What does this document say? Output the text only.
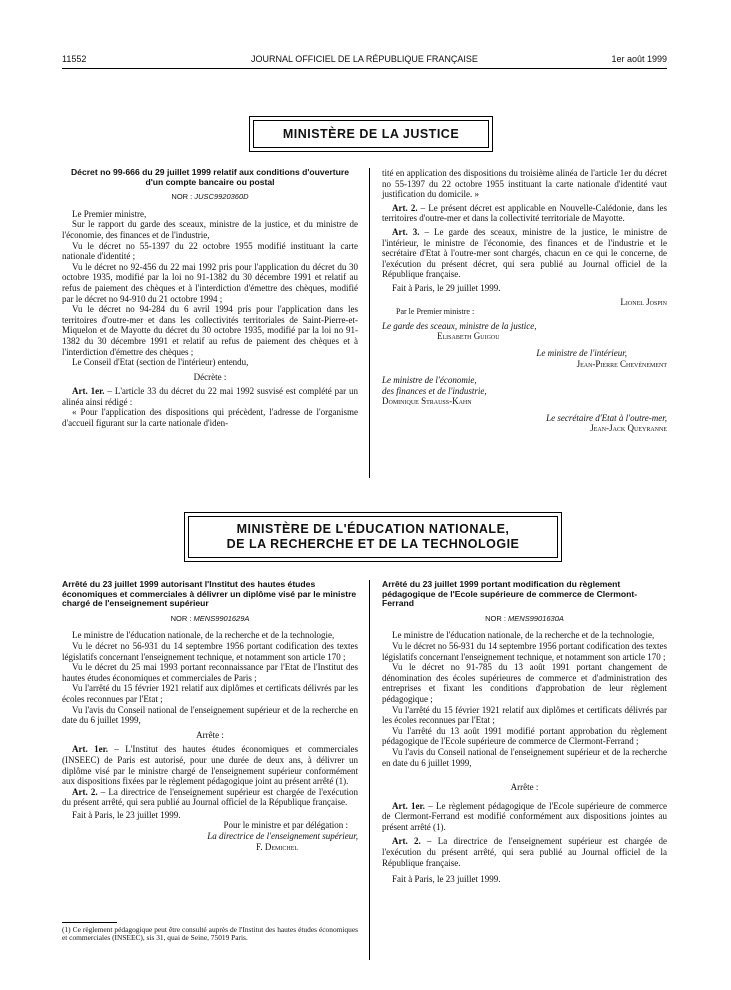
11552	JOURNAL OFFICIEL DE LA RÉPUBLIQUE FRANÇAISE	1er août 1999
MINISTÈRE DE LA JUSTICE
Décret no 99-666 du 29 juillet 1999 relatif aux conditions d'ouverture d'un compte bancaire ou postal
NOR : JUSC9920360D

Le Premier ministre,

Sur le rapport du garde des sceaux, ministre de la justice, et du ministre de l'économie, des finances et de l'industrie,

Vu le décret no 55-1397 du 22 octobre 1955 modifié instituant la carte nationale d'identité ;

Vu le décret no 92-456 du 22 mai 1992 pris pour l'application du décret du 30 octobre 1935, modifié par la loi no 91-1382 du 30 décembre 1991 et relatif au refus de paiement des chèques et à l'interdiction d'émettre des chèques, modifié par le décret no 94-910 du 21 octobre 1994 ;

Vu le décret no 94-284 du 6 avril 1994 pris pour l'application dans les territoires d'outre-mer et dans les collectivités territoriales de Saint-Pierre-et-Miquelon et de Mayotte du décret du 30 octobre 1935, modifié par la loi no 91-1382 du 30 décembre 1991 et relatif au refus de paiement des chèques et à l'interdiction d'émettre des chèques ;

Le Conseil d'Etat (section de l'intérieur) entendu,

Décrète :

Art. 1er. – L'article 33 du décret du 22 mai 1992 susvisé est complété par un alinéa ainsi rédigé :

« Pour l'application des dispositions qui précèdent, l'adresse de l'organisme d'accueil figurant sur la carte nationale d'iden-

tité en application des dispositions du troisième alinéa de l'article 1er du décret no 55-1397 du 22 octobre 1955 instituant la carte nationale d'identité vaut justification du domicile. »

Art. 2. – Le présent décret est applicable en Nouvelle-Calédonie, dans les territoires d'outre-mer et dans la collectivité territoriale de Mayotte.

Art. 3. – Le garde des sceaux, ministre de la justice, le ministre de l'intérieur, le ministre de l'économie, des finances et de l'industrie et le secrétaire d'Etat à l'outre-mer sont chargés, chacun en ce qui le concerne, de l'exécution du présent décret, qui sera publié au Journal officiel de la République française.

Fait à Paris, le 29 juillet 1999.

Lionel Jospin

Par le Premier ministre :

Le garde des sceaux, ministre de la justice,

Elisabeth Guigou

Le ministre de l'intérieur,

Jean-Pierre Chevènement

Le ministre de l'économie,

des finances et de l'industrie,

Dominique Strauss-Kahn

Le secrétaire d'Etat à l'outre-mer,

Jean-Jack Queyranne

MINISTÈRE DE L'ÉDUCATION NATIONALE,
DE LA RECHERCHE ET DE LA TECHNOLOGIE
Arrêté du 23 juillet 1999 autorisant l'Institut des hautes études économiques et commerciales à délivrer un diplôme visé par le ministre chargé de l'enseignement supérieur
NOR : MENS9901629A

Le ministre de l'éducation nationale, de la recherche et de la technologie,

Vu le décret no 56-931 du 14 septembre 1956 portant codification des textes législatifs concernant l'enseignement technique, et notamment son article 170 ;

Vu le décret du 25 mai 1993 portant reconnaissance par l'Etat de l'Institut des hautes études économiques et commerciales de Paris ;

Vu l'arrêté du 15 février 1921 relatif aux diplômes et certificats délivrés par les écoles reconnues par l'Etat ;

Vu l'avis du Conseil national de l'enseignement supérieur et de la recherche en date du 6 juillet 1999,

Arrête :

Art. 1er. – L'Institut des hautes études économiques et commerciales (INSEEC) de Paris est autorisé, pour une durée de deux ans, à délivrer un diplôme visé par le ministre chargé de l'enseignement supérieur conformément aux dispositions fixées par le règlement pédagogique joint au présent arrêté (1).

Art. 2. – La directrice de l'enseignement supérieur est chargée de l'exécution du présent arrêté, qui sera publié au Journal officiel de la République française.

Fait à Paris, le 23 juillet 1999.

Pour le ministre et par délégation :

La directrice de l'enseignement supérieur,

F. Demichel

(1) Ce règlement pédagogique peut être consulté auprès de l'Institut des hautes études économiques et commerciales (INSEEC), sis 31, quai de Seine, 75019 Paris.
Arrêté du 23 juillet 1999 portant modification du règlement pédagogique de l'Ecole supérieure de commerce de Clermont-Ferrand
NOR : MENS9901630A

Le ministre de l'éducation nationale, de la recherche et de la technologie,

Vu le décret no 56-931 du 14 septembre 1956 portant codification des textes législatifs concernant l'enseignement technique, et notamment son article 170 ;

Vu le décret no 91-785 du 13 août 1991 portant changement de dénomination des écoles supérieures de commerce et d'administration des entreprises et fixant les conditions d'approbation de leur règlement pédagogique ;

Vu l'arrêté du 15 février 1921 relatif aux diplômes et certificats délivrés par les écoles reconnues par l'Etat ;

Vu l'arrêté du 13 août 1991 modifié portant approbation du règlement pédagogique de l'Ecole supérieure de commerce de Clermont-Ferrand ;

Vu l'avis du Conseil national de l'enseignement supérieur et de la recherche en date du 6 juillet 1999,

Arrête :

Art. 1er. – Le règlement pédagogique de l'Ecole supérieure de commerce de Clermont-Ferrand est modifié conformément aux dispositions jointes au présent arrêté (1).

Art. 2. – La directrice de l'enseignement supérieur est chargée de l'exécution du présent arrêté, qui sera publié au Journal officiel de la République française.

Fait à Paris, le 23 juillet 1999.
